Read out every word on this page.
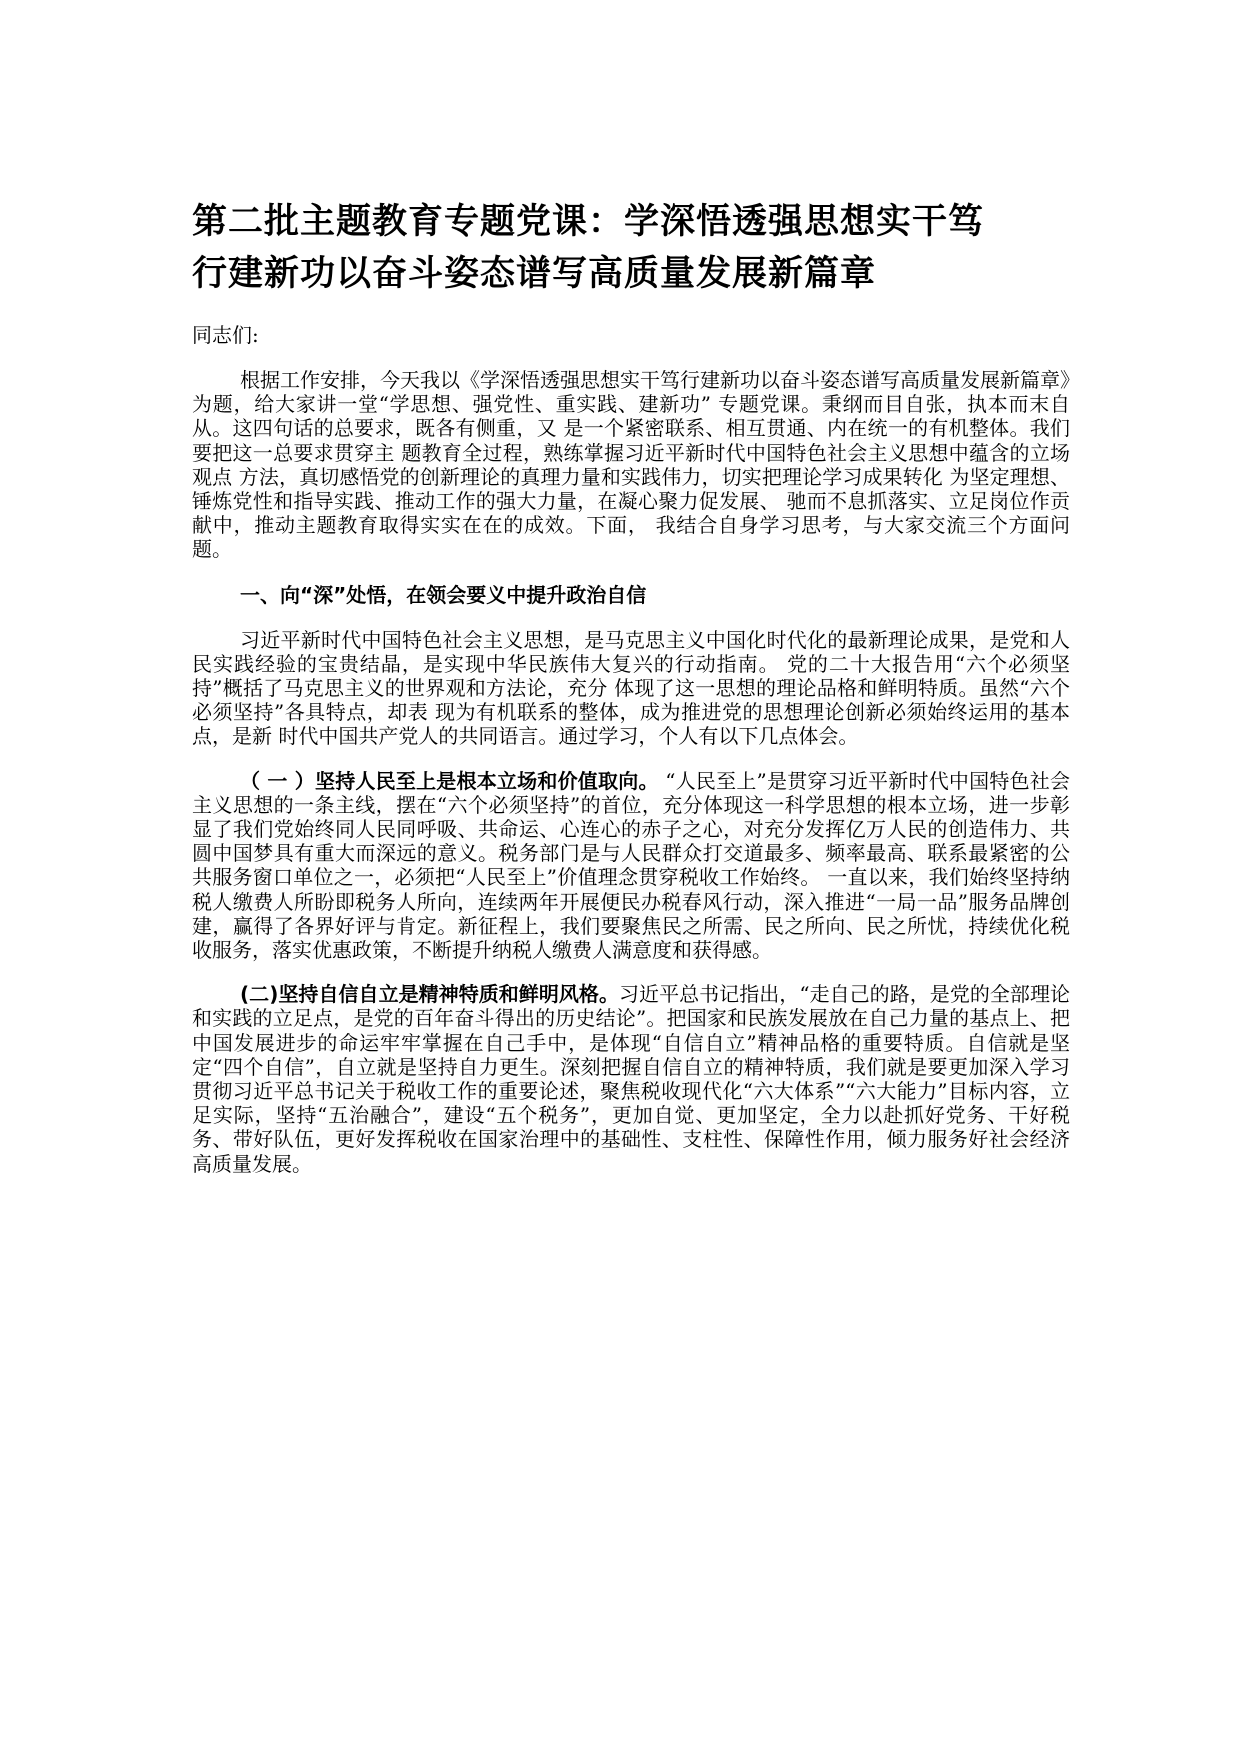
第二批主题教育专题党课：学深悟透强思想实干笃
行建新功以奋斗姿态谱写高质量发展新篇章

同志们:

根据工作安排，今天我以《学深悟透强思想实干笃行建新功以奋斗姿态谱写高质量发展新篇章》为题，给大家讲一堂“学思想、强党性、重实践、建新功” 专题党课。秉纲而目自张，执本而末自从。这四句话的总要求，既各有侧重，又 是一个紧密联系、相互贯通、内在统一的有机整体。我们要把这一总要求贯穿主 题教育全过程，熟练掌握习近平新时代中国特色社会主义思想中蕴含的立场观点 方法，真切感悟党的创新理论的真理力量和实践伟力，切实把理论学习成果转化 为坚定理想、锤炼党性和指导实践、推动工作的强大力量，在凝心聚力促发展、 驰而不息抓落实、立足岗位作贡献中，推动主题教育取得实实在在的成效。下面， 我结合自身学习思考，与大家交流三个方面问题。

一、向“深”处悟，在领会要义中提升政治自信

习近平新时代中国特色社会主义思想，是马克思主义中国化时代化的最新理论成果，是党和人民实践经验的宝贵结晶，是实现中华民族伟大复兴的行动指南。 党的二十大报告用“六个必须坚持”概括了马克思主义的世界观和方法论，充分 体现了这一思想的理论品格和鲜明特质。虽然“六个必须坚持”各具特点，却表 现为有机联系的整体，成为推进党的思想理论创新必须始终运用的基本点，是新 时代中国共产党人的共同语言。通过学习，个人有以下几点体会。

（ 一 ）坚持人民至上是根本立场和价值取向。 “人民至上”是贯穿习近平新时代中国特色社会主义思想的一条主线，摆在“六个必须坚持”的首位，充分体现这一科学思想的根本立场，进一步彰显了我们党始终同人民同呼吸、共命运、心连心的赤子之心，对充分发挥亿万人民的创造伟力、共圆中国梦具有重大而深远的意义。税务部门是与人民群众打交道最多、频率最高、联系最紧密的公共服务窗口单位之一，必须把“人民至上”价值理念贯穿税收工作始终。 一直以来，我们始终坚持纳税人缴费人所盼即税务人所向，连续两年开展便民办税春风行动，深入推进“一局一品”服务品牌创建，赢得了各界好评与肯定。新征程上，我们要聚焦民之所需、民之所向、民之所忧，持续优化税收服务，落实优惠政策，不断提升纳税人缴费人满意度和获得感。

(二)坚持自信自立是精神特质和鲜明风格。习近平总书记指出，“走自己的路，是党的全部理论和实践的立足点，是党的百年奋斗得出的历史结论”。把国家和民族发展放在自己力量的基点上、把中国发展进步的命运牢牢掌握在自己手中，是体现“自信自立”精神品格的重要特质。自信就是坚定“四个自信”，自立就是坚持自力更生。深刻把握自信自立的精神特质，我们就是要更加深入学习贯彻习近平总书记关于税收工作的重要论述，聚焦税收现代化“六大体系”“六大能力”目标内容，立足实际，坚持“五治融合”，建设“五个税务”，更加自觉、更加坚定，全力以赴抓好党务、干好税务、带好队伍，更好发挥税收在国家治理中的基础性、支柱性、保障性作用，倾力服务好社会经济高质量发展。
